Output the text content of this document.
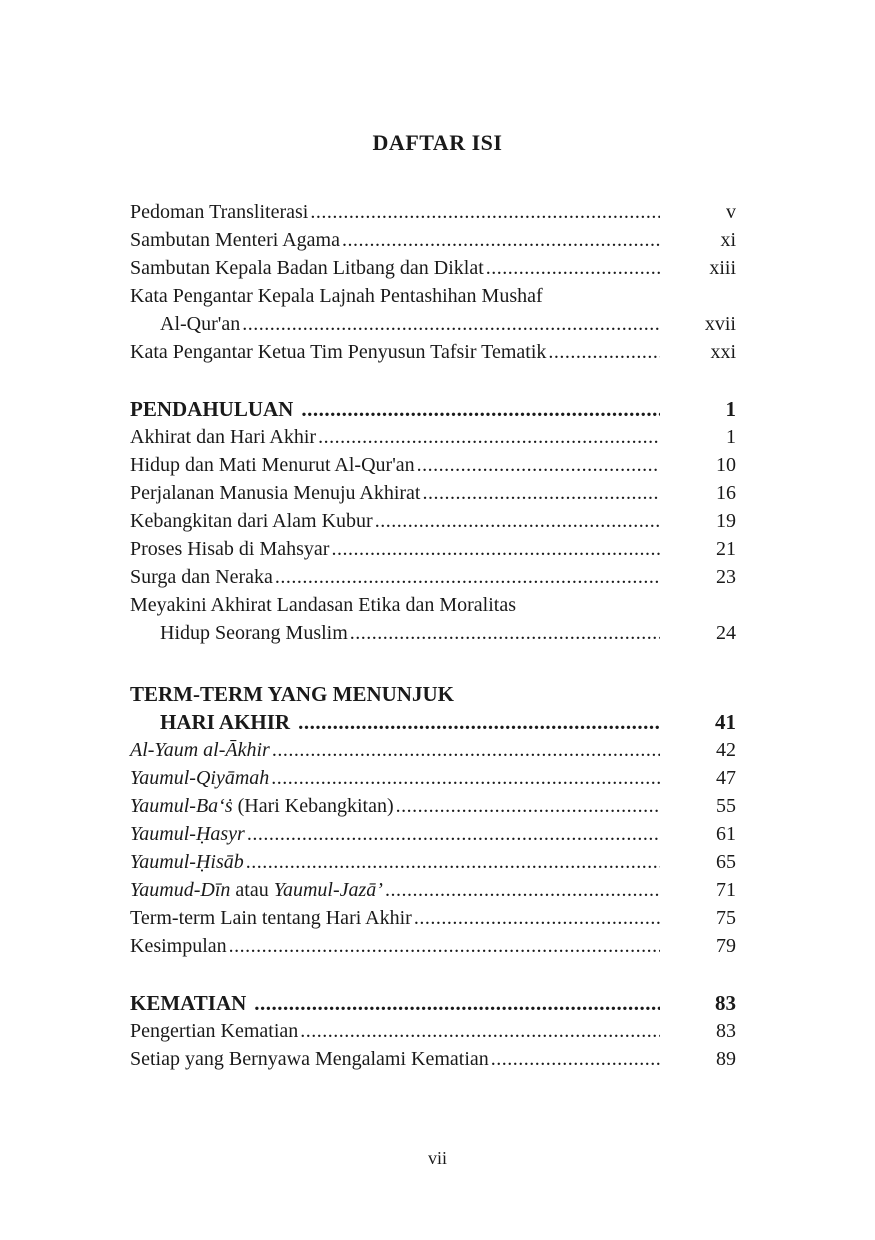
DAFTAR ISI
Pedoman Transliterasi .....	v
Sambutan Menteri Agama .....	xi
Sambutan Kepala Badan Litbang dan Diklat .....	xiii
Kata Pengantar Kepala Lajnah Pentashihan Mushaf
Al-Qur'an .....	xvii
Kata Pengantar Ketua Tim Penyusun Tafsir Tematik .....	xxi
PENDAHULUAN .....	1
Akhirat dan Hari Akhir .....	1
Hidup dan Mati Menurut Al-Qur'an .....	10
Perjalanan Manusia Menuju Akhirat .....	16
Kebangkitan dari Alam Kubur .....	19
Proses Hisab di Mahsyar .....	21
Surga dan Neraka .....	23
Meyakini Akhirat Landasan Etika dan Moralitas
Hidup Seorang Muslim .....	24
TERM-TERM YANG MENUNJUK
HARI AKHIR .....	41
Al-Yaum al-Ākhir .....	42
Yaumul-Qiyāmah .....	47
Yaumul-Ba‘ṡ (Hari Kebangkitan) .....	55
Yaumul-Ḥasyr .....	61
Yaumul-Ḥisāb .....	65
Yaumud-Dīn atau Yaumul-Jazā’ .....	71
Term-term Lain tentang Hari Akhir .....	75
Kesimpulan .....	79
KEMATIAN .....	83
Pengertian Kematian .....	83
Setiap yang Bernyawa Mengalami Kematian .....	89
vii
